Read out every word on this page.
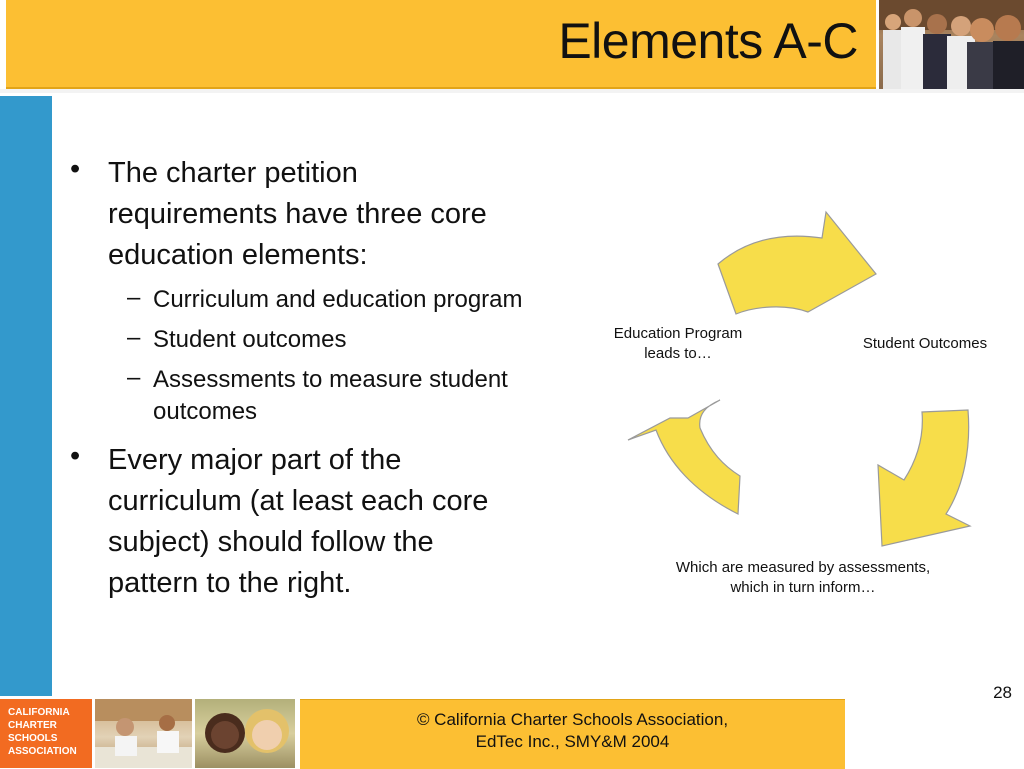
Elements A-C
• The charter petition
requirements have three core
education elements:
– Curriculum and education program
– Student outcomes
– Assessments to measure student
outcomes
• Every major part of the
curriculum (at least each core
subject) should follow the
pattern to the right.
Education Program
leads to…
Student Outcomes
Which are measured by assessments,
which in turn inform…
28
CALIFORNIA
CHARTER
SCHOOLS
ASSOCIATION
© California Charter Schools Association,
EdTec Inc., SMY&M 2004
